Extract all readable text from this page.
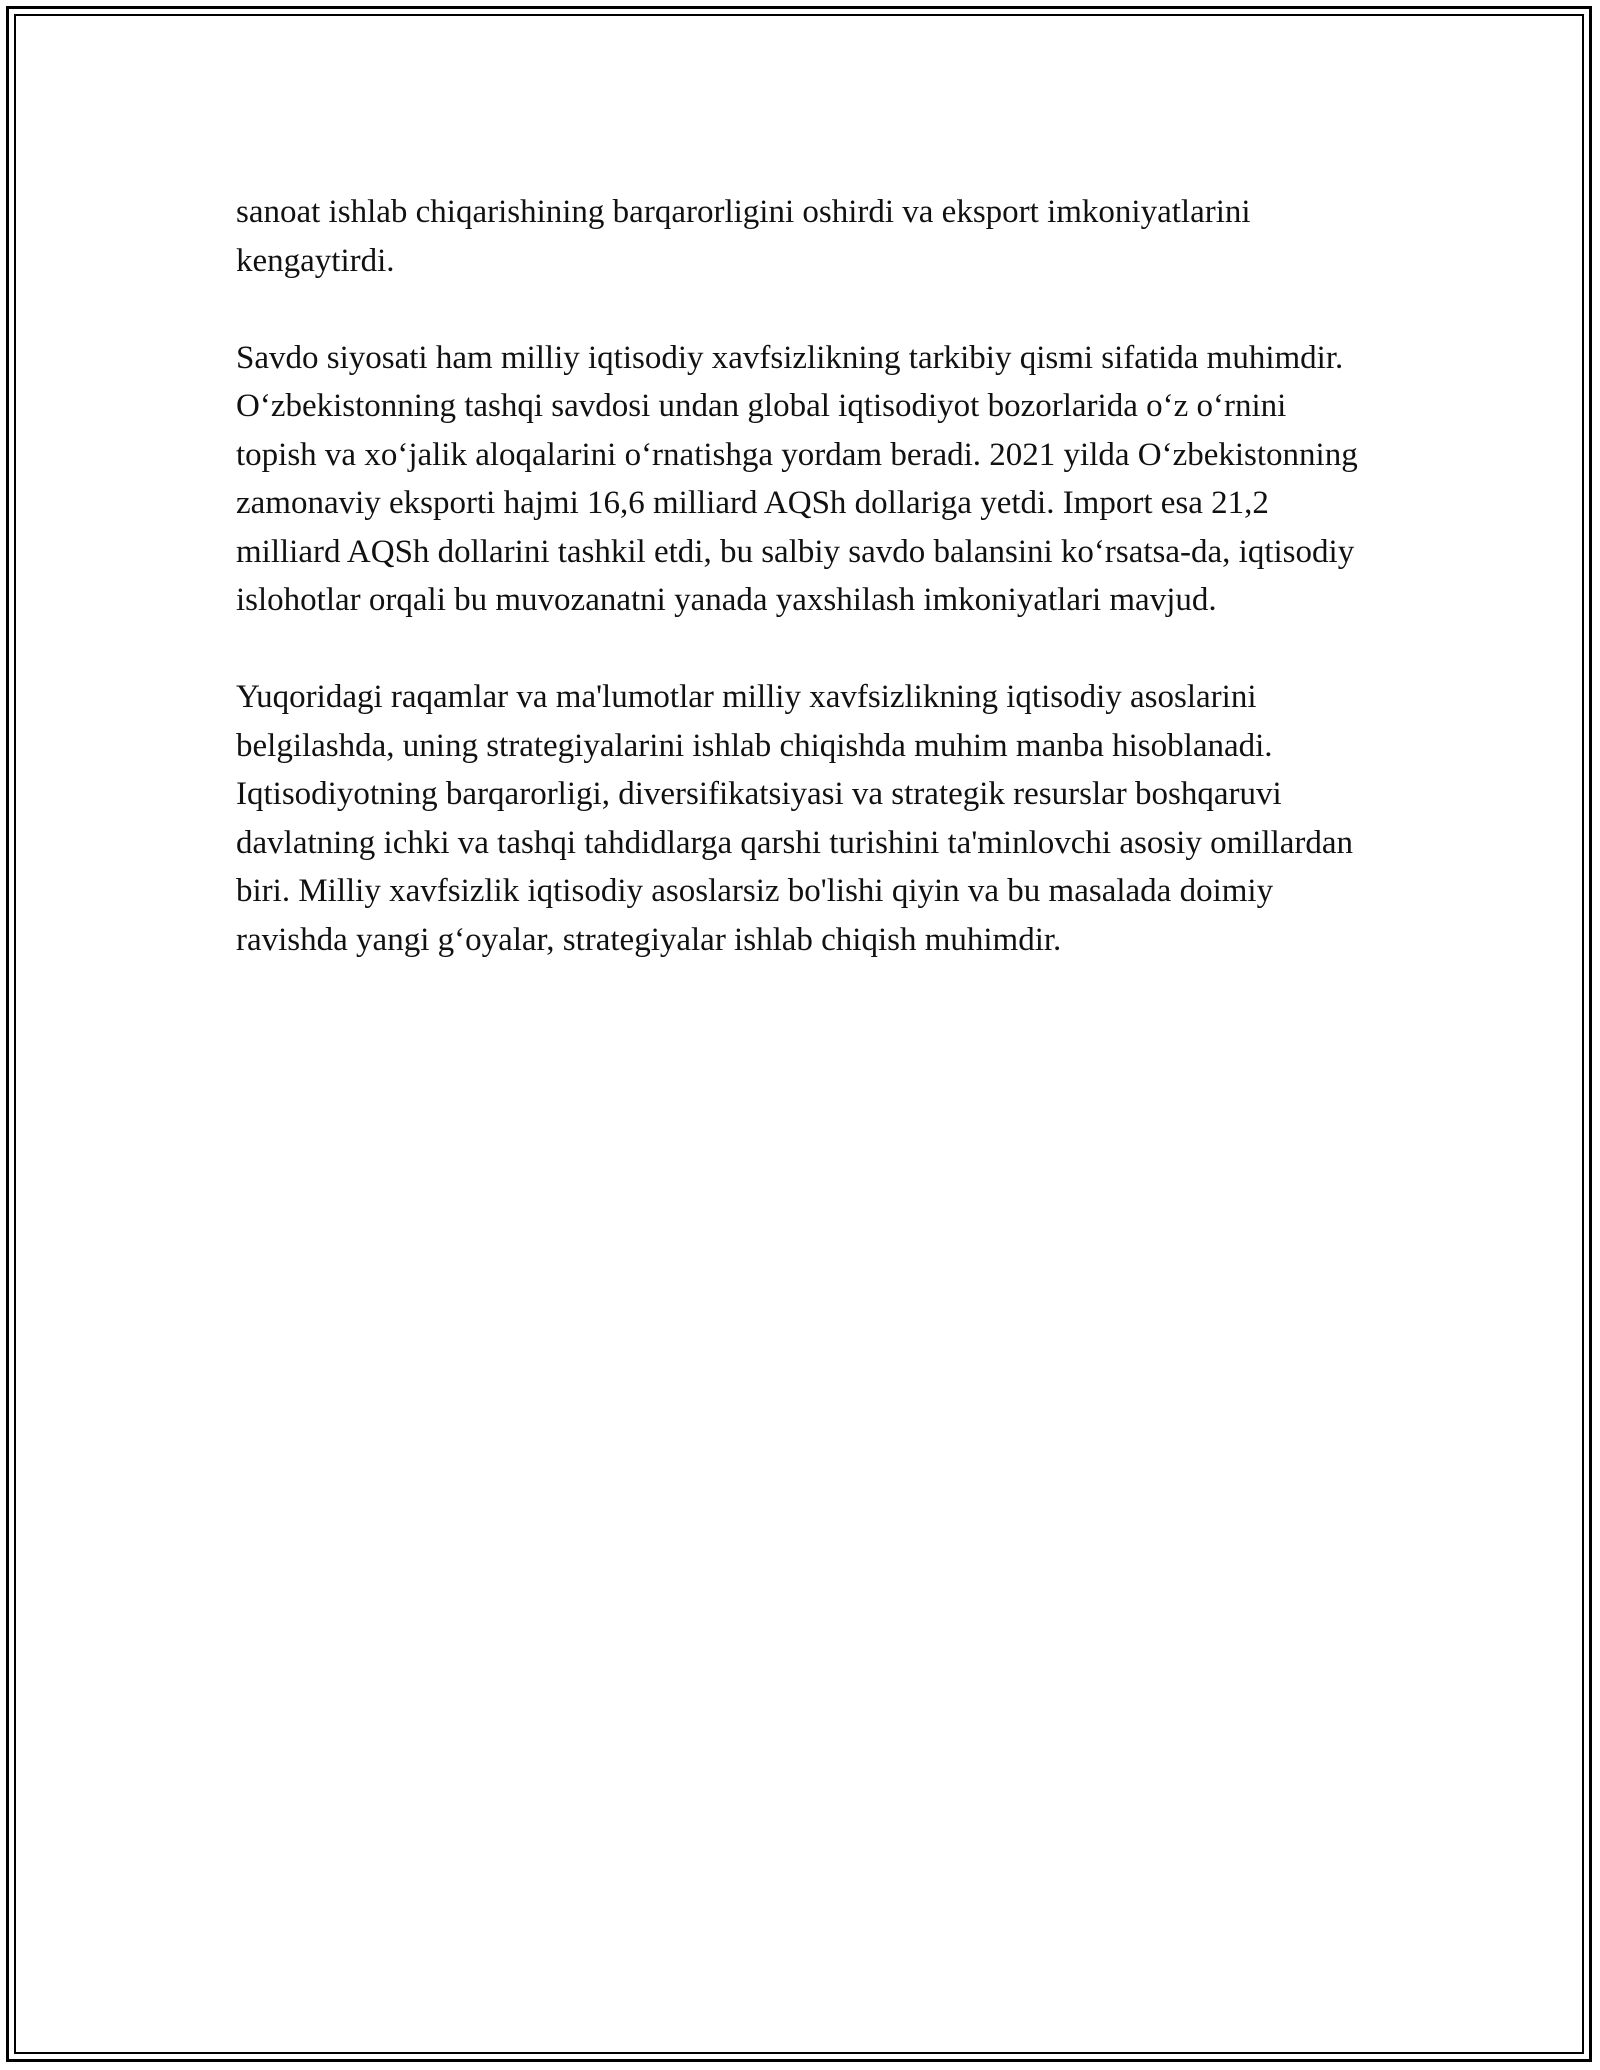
sanoat ishlab chiqarishining barqarorligini oshirdi va eksport imkoniyatlarini kengaytirdi.

Savdo siyosati ham milliy iqtisodiy xavfsizlikning tarkibiy qismi sifatida muhimdir. O‘zbekistonning tashqi savdosi undan global iqtisodiyot bozorlarida o‘z o‘rnini topish va xo‘jalik aloqalarini o‘rnatishga yordam beradi. 2021 yilda O‘zbekistonning zamonaviy eksporti hajmi 16,6 milliard AQSh dollariga yetdi. Import esa 21,2 milliard AQSh dollarini tashkil etdi, bu salbiy savdo balansini ko‘rsatsa-da, iqtisodiy islohotlar orqali bu muvozanatni yanada yaxshilash imkoniyatlari mavjud.

Yuqoridagi raqamlar va ma'lumotlar milliy xavfsizlikning iqtisodiy asoslarini belgilashda, uning strategiyalarini ishlab chiqishda muhim manba hisoblanadi. Iqtisodiyotning barqarorligi, diversifikatsiyasi va strategik resurslar boshqaruvi davlatning ichki va tashqi tahdidlarga qarshi turishini ta'minlovchi asosiy omillardan biri. Milliy xavfsizlik iqtisodiy asoslarsiz bo'lishi qiyin va bu masalada doimiy ravishda yangi g‘oyalar, strategiyalar ishlab chiqish muhimdir.
